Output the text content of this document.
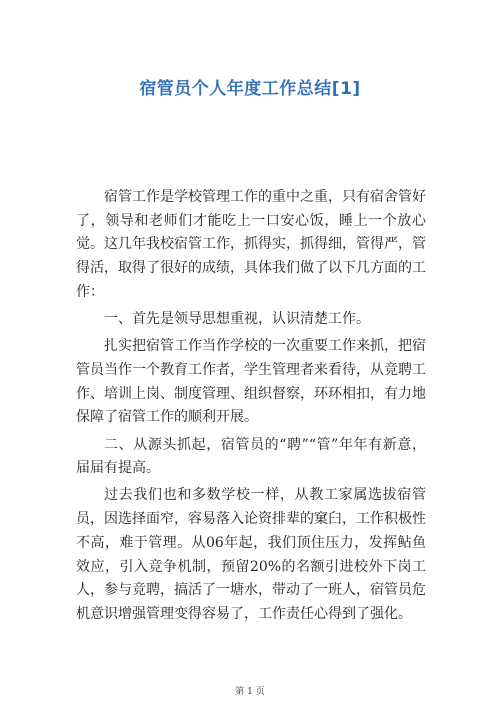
宿管员个人年度工作总结[1]

宿管工作是学校管理工作的重中之重，只有宿舍管好了，领导和老师们才能吃上一口安心饭，睡上一个放心觉。这几年我校宿管工作，抓得实，抓得细，管得严，管得活，取得了很好的成绩，具体我们做了以下几方面的工作：

一、首先是领导思想重视，认识清楚工作。

扎实把宿管工作当作学校的一次重要工作来抓，把宿管员当作一个教育工作者，学生管理者来看待，从竞聘工作、培训上岗、制度管理、组织督察，环环相扣，有力地保障了宿管工作的顺利开展。

二、从源头抓起，宿管员的“聘”“管”年年有新意，届届有提高。

过去我们也和多数学校一样，从教工家属选拔宿管员，因选择面窄，容易落入论资排辈的窠臼，工作积极性不高，难于管理。从06年起，我们顶住压力，发挥鲇鱼效应，引入竞争机制，预留20%的名额引进校外下岗工人，参与竞聘，搞活了一塘水，带动了一班人，宿管员危机意识增强管理变得容易了，工作责任心得到了强化。

第 1 页
